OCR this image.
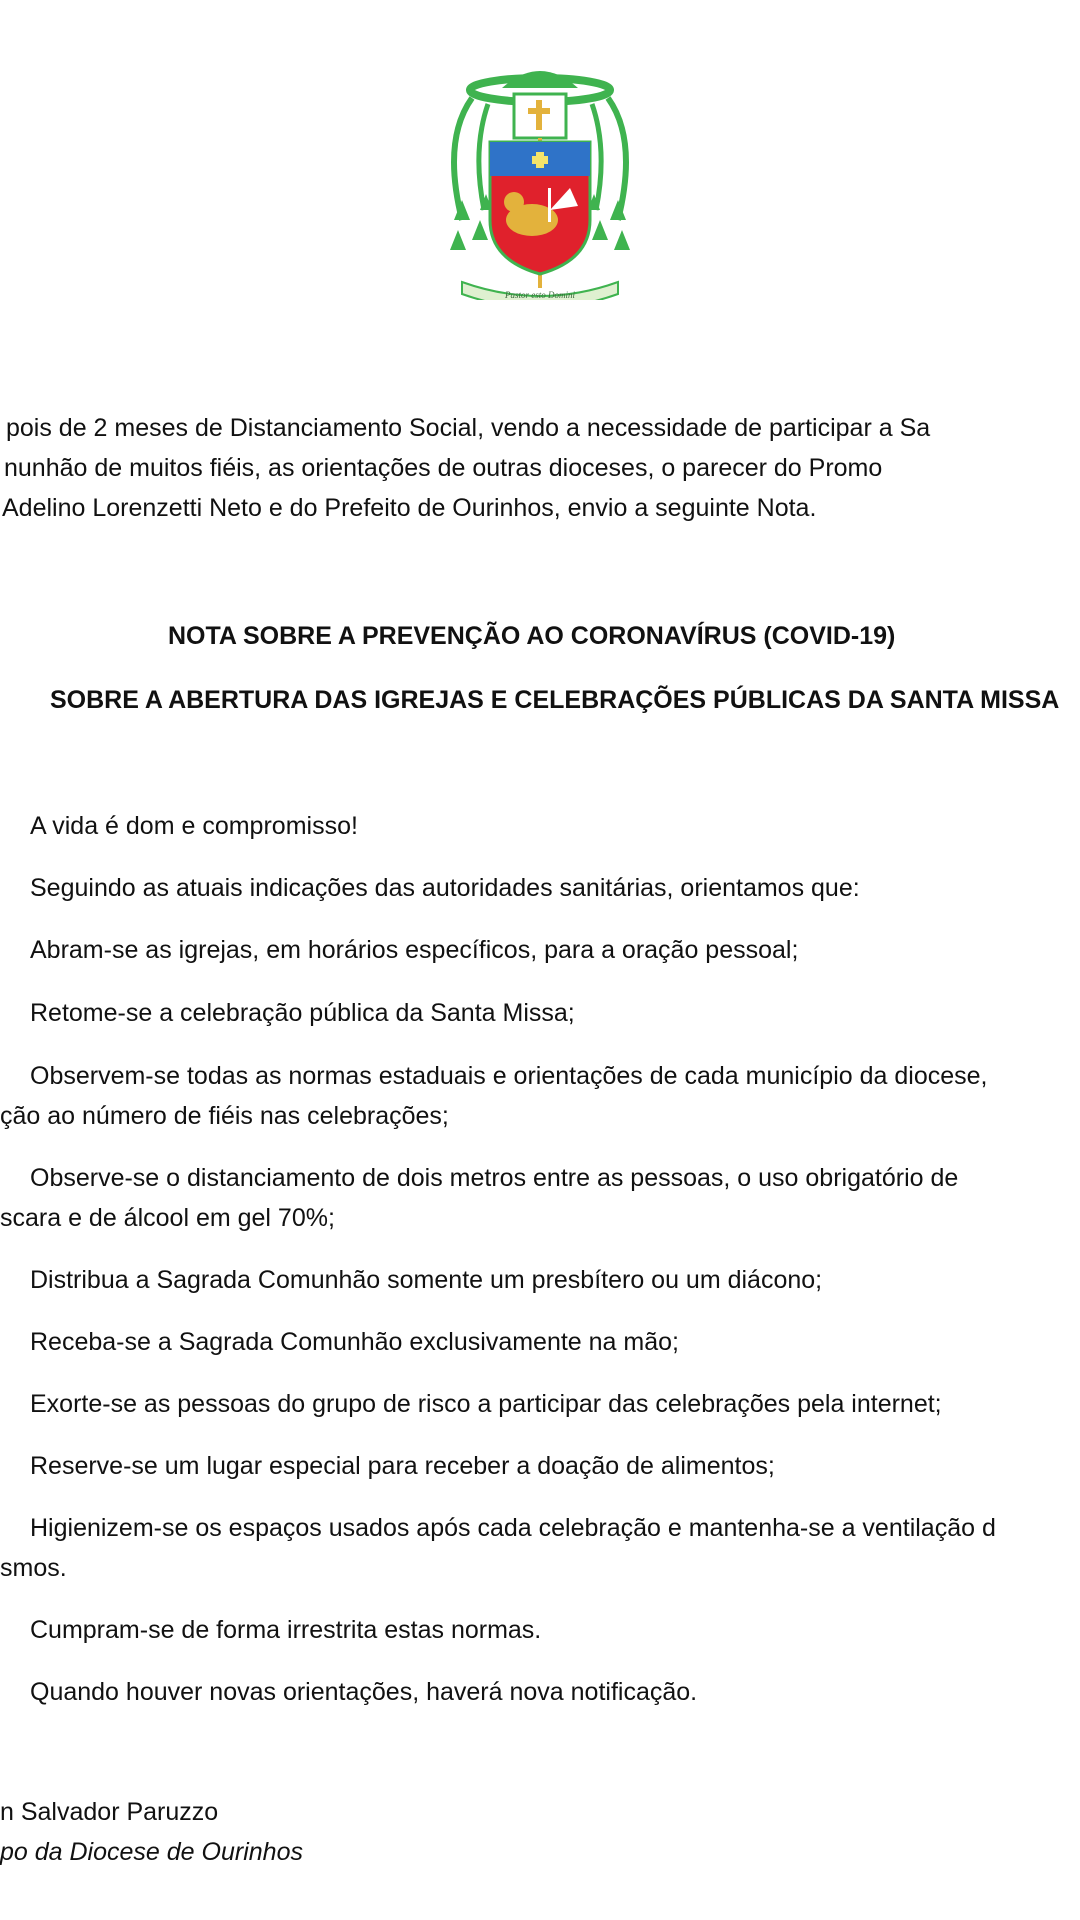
Pastor esto Domini
pois de 2 meses de Distanciamento Social, vendo a necessidade de participar a Sa
nunhão de muitos fiéis, as orientações de outras dioceses, o parecer do Promo
Adelino Lorenzetti Neto e do Prefeito de Ourinhos, envio a seguinte Nota.
NOTA SOBRE A PREVENÇÃO AO CORONAVÍRUS (COVID-19)
SOBRE A ABERTURA DAS IGREJAS E CELEBRAÇÕES PÚBLICAS DA SANTA MISSA
A vida é dom e compromisso!
Seguindo as atuais indicações das autoridades sanitárias, orientamos que:
Abram-se as igrejas, em horários específicos, para a oração pessoal;
Retome-se a celebração pública da Santa Missa;
Observem-se todas as normas estaduais e orientações de cada município da diocese,
ção ao número de fiéis nas celebrações;
Observe-se o distanciamento de dois metros entre as pessoas, o uso obrigatório de
scara e de álcool em gel 70%;
Distribua a Sagrada Comunhão somente um presbítero ou um diácono;
Receba-se a Sagrada Comunhão exclusivamente na mão;
Exorte-se as pessoas do grupo de risco a participar das celebrações pela internet;
Reserve-se um lugar especial para receber a doação de alimentos;
Higienizem-se os espaços usados após cada celebração e mantenha-se a ventilação d
smos.
Cumpram-se de forma irrestrita estas normas.
Quando houver novas orientações, haverá nova notificação.
n Salvador Paruzzo
po da Diocese de Ourinhos
